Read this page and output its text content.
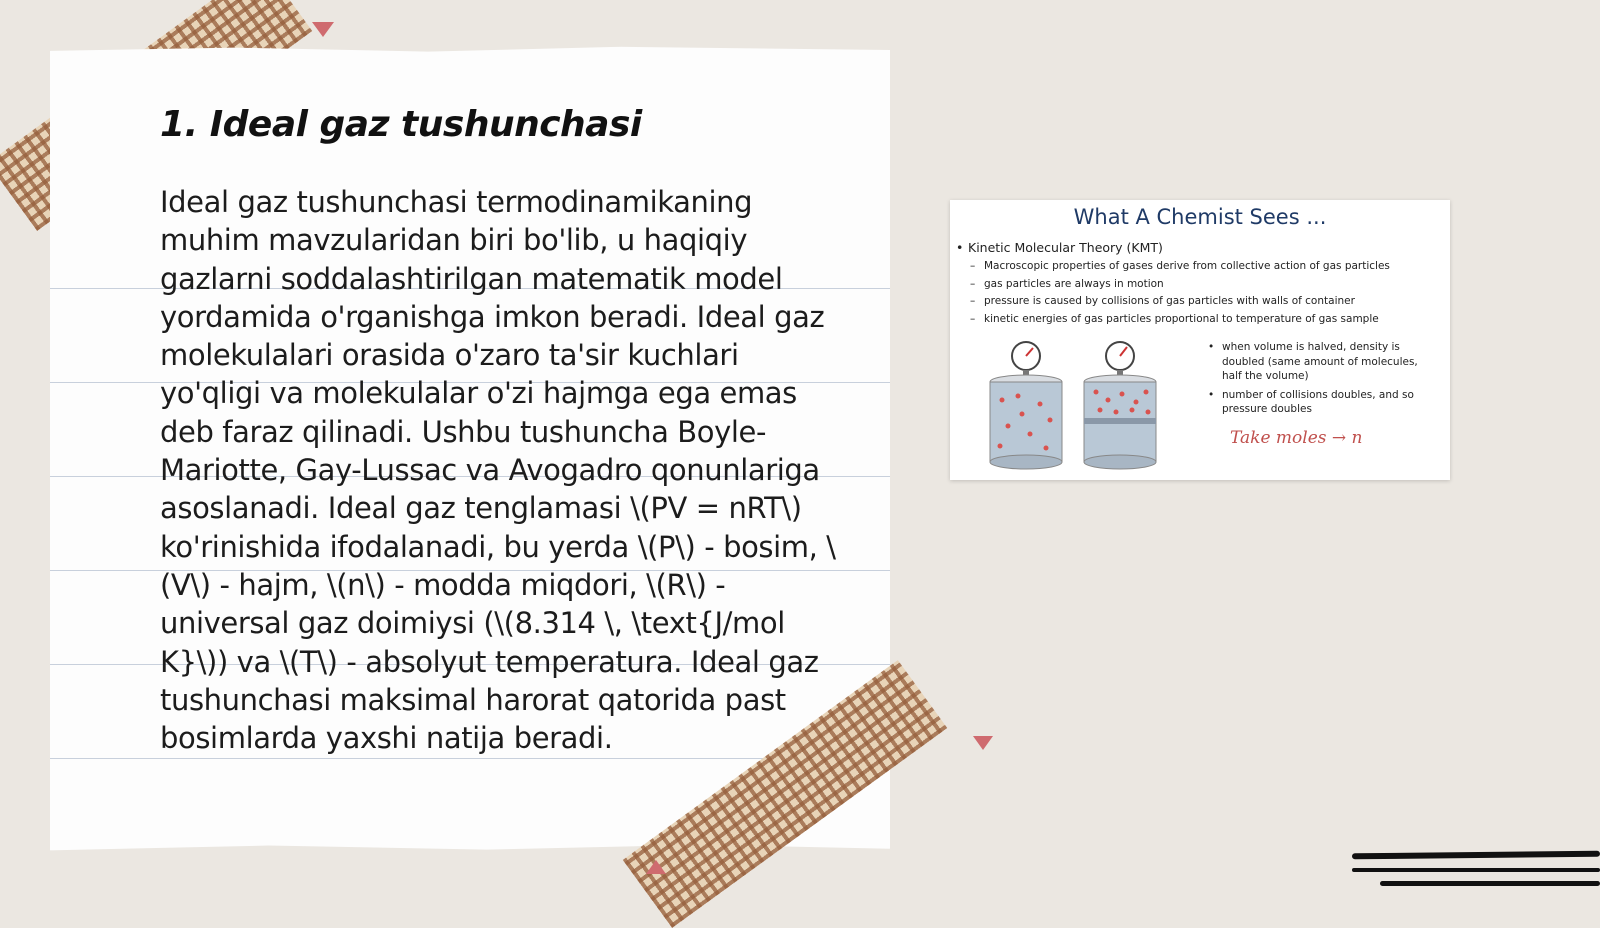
1. Ideal gaz tushunchasi

Ideal gaz tushunchasi termodinamikaning muhim mavzularidan biri bo'lib, u haqiqiy gazlarni soddalashtirilgan matematik model yordamida o'rganishga imkon beradi. Ideal gaz molekulalari orasida o'zaro ta'sir kuchlari yo'qligi va molekulalar o'zi hajmga ega emas deb faraz qilinadi. Ushbu tushuncha Boyle-Mariotte, Gay-Lussac va Avogadro qonunlariga asoslanadi. Ideal gaz tenglamasi \(PV = nRT\) ko'rinishida ifodalanadi, bu yerda \(P\) - bosim, \(V\) - hajm, \(n\) - modda miqdori, \(R\) - universal gaz doimiysi (\(8.314 \, \text{J/mol K}\)) va \(T\) - absolyut temperatura. Ideal gaz tushunchasi maksimal harorat qatorida past bosimlarda yaxshi natija beradi.

What A Chemist Sees ...
• Kinetic Molecular Theory (KMT)
– Macroscopic properties of gases derive from collective action of gas particles
– gas particles are always in motion
– pressure is caused by collisions of gas particles with walls of container
– kinetic energies of gas particles proportional to temperature of gas sample
• when volume is halved, density is doubled (same amount of molecules, half the volume)
• number of collisions doubles, and so pressure doubles
Take moles → n
